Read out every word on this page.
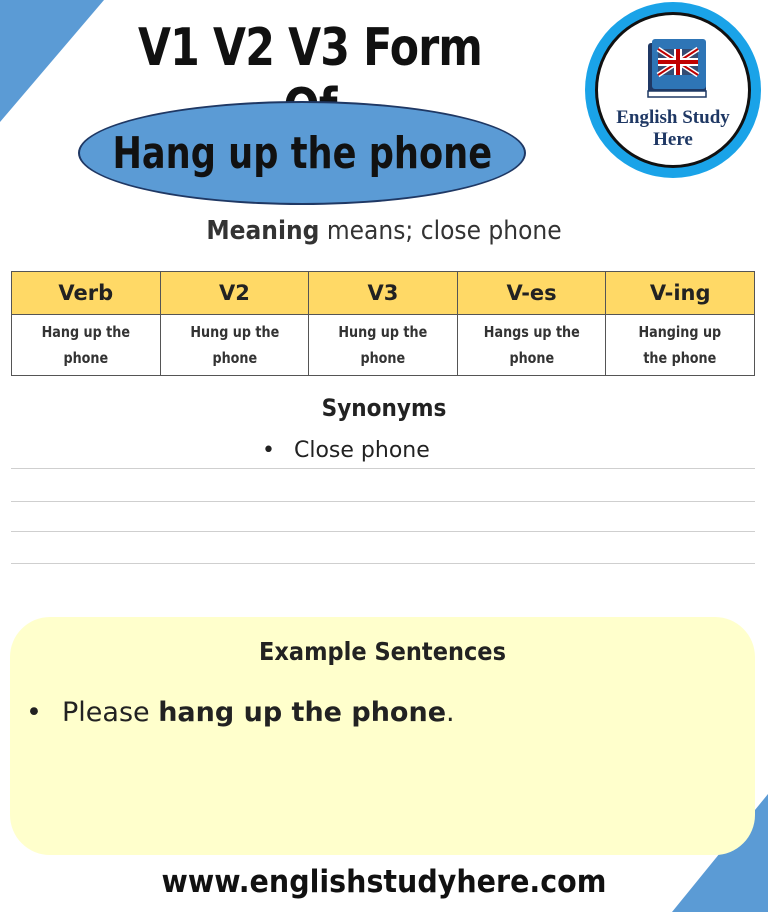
V1 V2 V3 Form
Hang up the phone
English Study
Here
Meaning means; close phone
Verb	V2	V3	V-es	V-ing
Hang up the phone	Hung up the phone	Hung up the phone	Hangs up the phone	Hanging up the phone
Synonyms
• Close phone
Example Sentences
• Please hang up the phone.
www.englishstudyhere.com
